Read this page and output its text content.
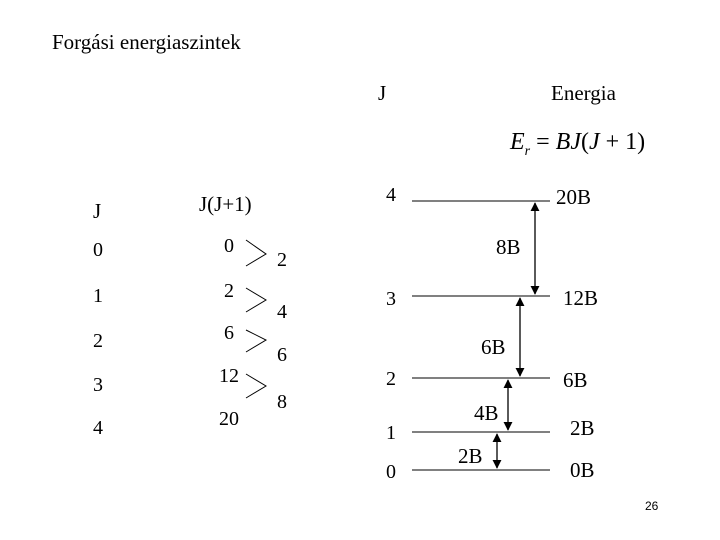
Forgási energiaszintek
J	J(J+1)
0
1
2
3
4
0
2
6
12
20
2
4
6
8
J	Energia
$E_r = BJ(J + 1)$
4
3
2
1
0
20B
12B
6B
2B
0B
8B
6B
4B
2B
26
